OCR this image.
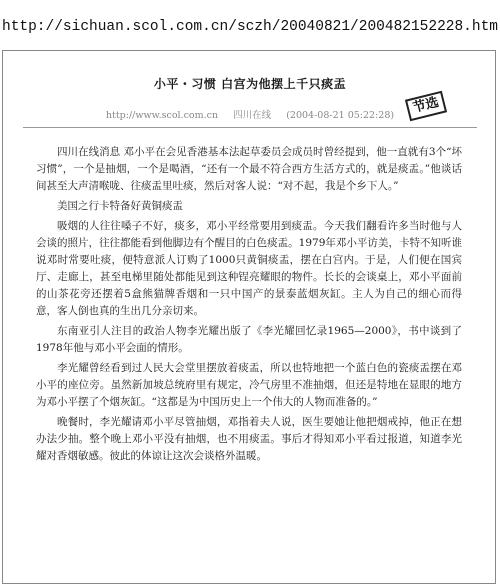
http://sichuan.scol.com.cn/sczh/20040821/200482152228.htm
小平・习惯 白宫为他摆上千只痰盂
http://www.scol.com.cn 四川在线 (2004-08-21 05:22:28)	节选

四川在线消息 邓小平在会见香港基本法起草委员会成员时曾经提到，他一直就有3个“坏习惯”，一个是抽烟，一个是喝酒，“还有一个最不符合西方生活方式的，就是痰盂。”他谈话间甚至大声清喉咙、往痰盂里吐痰，然后对客人说：“对不起，我是个乡下人。”

美国之行卡特备好黄铜痰盂

吸烟的人往往嗓子不好，痰多，邓小平经常要用到痰盂。今天我们翻看许多当时他与人会谈的照片，往往都能看到他脚边有个醒目的白色痰盂。1979年邓小平访美，卡特不知听谁说邓时常要吐痰，便特意派人订购了1000只黄铜痰盂，摆在白宫内。于是，人们便在国宾厅、走廊上，甚至电梯里随处都能见到这种锃亮耀眼的物件。长长的会谈桌上，邓小平面前的山茶花旁还摆着5盒熊猫牌香烟和一只中国产的景泰蓝烟灰缸。主人为自己的细心而得意，客人倒也真的生出几分亲切来。

东南亚引人注目的政治人物李光耀出版了《李光耀回忆录1965—2000》，书中谈到了1978年他与邓小平会面的情形。

李光耀曾经看到过人民大会堂里摆放着痰盂，所以也特地把一个蓝白色的瓷痰盂摆在邓小平的座位旁。虽然新加坡总统府里有规定，冷气房里不准抽烟，但还是特地在显眼的地方为邓小平摆了个烟灰缸。“这都是为中国历史上一个伟大的人物而准备的。”

晚餐时，李光耀请邓小平尽管抽烟，邓指着夫人说，医生要她让他把烟戒掉，他正在想办法少抽。整个晚上邓小平没有抽烟，也不用痰盂。事后才得知邓小平看过报道，知道李光耀对香烟敏感。彼此的体谅让这次会谈格外温暖。
